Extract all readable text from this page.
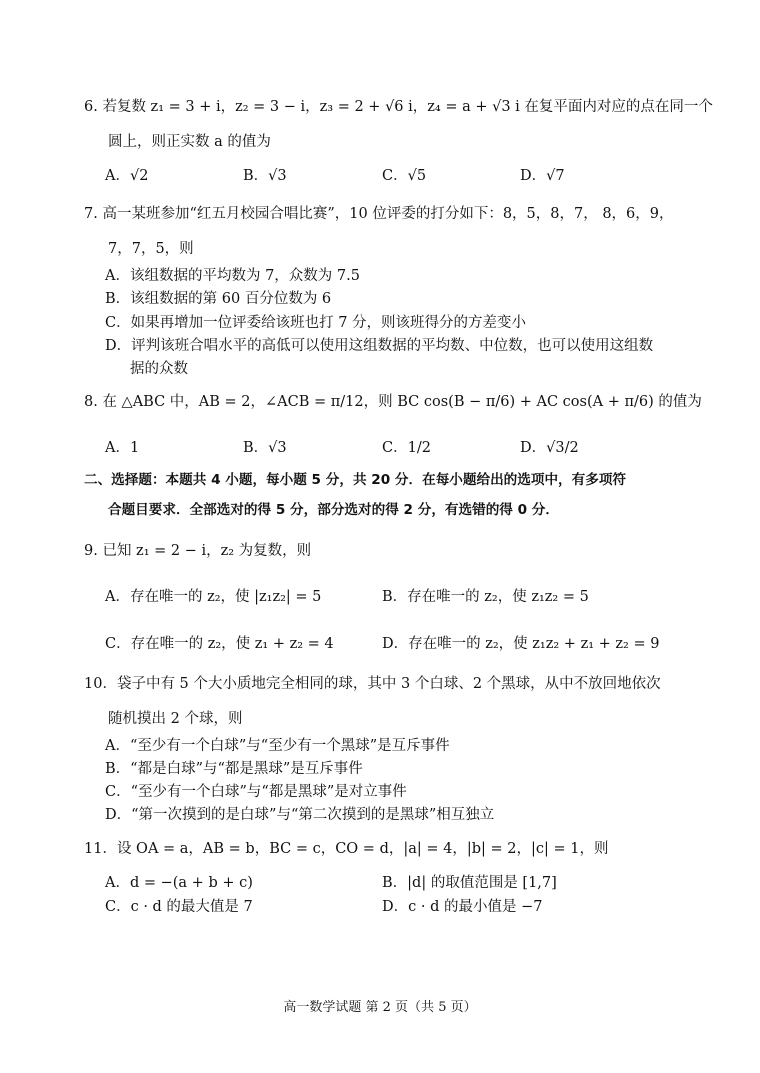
6. 若复数 z₁ = 3 + i，z₂ = 3 − i，z₃ = 2 + √6 i，z₄ = a + √3 i 在复平面内对应的点在同一个
圆上，则正实数 a 的值为
A．√2	B．√3	C．√5	D．√7
7. 高一某班参加“红五月校园合唱比赛”，10 位评委的打分如下：8，5，8，7， 8，6，9，
7，7，5，则
A．该组数据的平均数为 7，众数为 7.5
B．该组数据的第 60 百分位数为 6
C．如果再增加一位评委给该班也打 7 分，则该班得分的方差变小
D．评判该班合唱水平的高低可以使用这组数据的平均数、中位数，也可以使用这组数
据的众数
8. 在 △ABC 中，AB = 2，∠ACB = π/12，则 BC cos(B − π/6) + AC cos(A + π/6) 的值为
A．1	B．√3	C．1/2	D．√3/2
二、选择题：本题共 4 小题，每小题 5 分，共 20 分．在每小题给出的选项中，有多项符
合题目要求．全部选对的得 5 分，部分选对的得 2 分，有选错的得 0 分．
9. 已知 z₁ = 2 − i，z₂ 为复数，则
A．存在唯一的 z₂，使 |z₁z₂| = 5	B．存在唯一的 z₂，使 z₁z₂ = 5
C．存在唯一的 z₂，使 z₁ + z₂ = 4	D．存在唯一的 z₂，使 z₁z₂ + z₁ + z₂ = 9
10．袋子中有 5 个大小质地完全相同的球，其中 3 个白球、2 个黑球，从中不放回地依次
随机摸出 2 个球，则
A．“至少有一个白球”与“至少有一个黑球”是互斥事件
B．“都是白球”与“都是黑球”是互斥事件
C．“至少有一个白球”与“都是黑球”是对立事件
D．“第一次摸到的是白球”与“第二次摸到的是黑球”相互独立
11．设 OA = a，AB = b，BC = c，CO = d，|a| = 4，|b| = 2，|c| = 1，则
A．d = −(a + b + c)	B．|d| 的取值范围是 [1,7]
C．c · d 的最大值是 7	D．c · d 的最小值是 −7
高一数学试题 第 2 页（共 5 页）
